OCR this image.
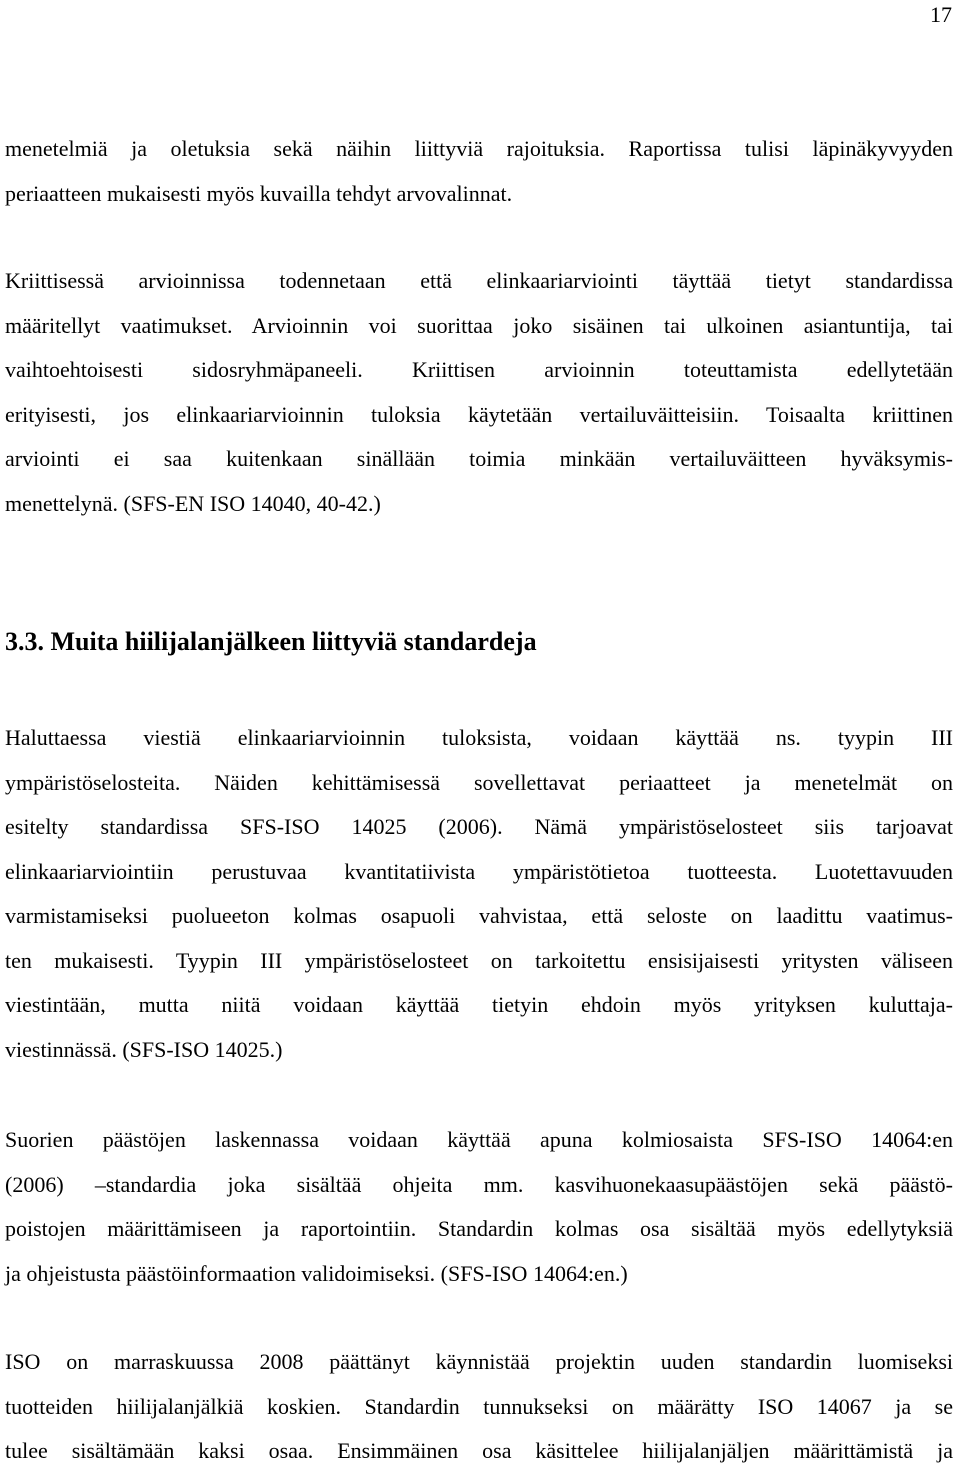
17
menetelmiä ja oletuksia sekä näihin liittyviä rajoituksia. Raportissa tulisi läpinäkyvyyden
periaatteen mukaisesti myös kuvailla tehdyt arvovalinnat.
Kriittisessä arvioinnissa todennetaan että elinkaariarviointi täyttää tietyt standardissa
määritellyt vaatimukset. Arvioinnin voi suorittaa joko sisäinen tai ulkoinen asiantuntija, tai
vaihtoehtoisesti sidosryhmäpaneeli. Kriittisen arvioinnin toteuttamista edellytetään
erityisesti, jos elinkaariarvioinnin tuloksia käytetään vertailuväitteisiin. Toisaalta kriittinen
arviointi ei saa kuitenkaan sinällään toimia minkään vertailuväitteen hyväksymis-
menettelynä. (SFS-EN ISO 14040, 40-42.)
3.3. Muita hiilijalanjälkeen liittyviä standardeja
Haluttaessa viestiä elinkaariarvioinnin tuloksista, voidaan käyttää ns. tyypin III
ympäristöselosteita. Näiden kehittämisessä sovellettavat periaatteet ja menetelmät on
esitelty standardissa SFS-ISO 14025 (2006). Nämä ympäristöselosteet siis tarjoavat
elinkaariarviointiin perustuvaa kvantitatiivista ympäristötietoa tuotteesta. Luotettavuuden
varmistamiseksi puolueeton kolmas osapuoli vahvistaa, että seloste on laadittu vaatimus-
ten mukaisesti. Tyypin III ympäristöselosteet on tarkoitettu ensisijaisesti yritysten väliseen
viestintään, mutta niitä voidaan käyttää tietyin ehdoin myös yrityksen kuluttaja-
viestinnässä. (SFS-ISO 14025.)
Suorien päästöjen laskennassa voidaan käyttää apuna kolmiosaista SFS-ISO 14064:en
(2006) –standardia joka sisältää ohjeita mm. kasvihuonekaasupäästöjen sekä päästö-
poistojen määrittämiseen ja raportointiin. Standardin kolmas osa sisältää myös edellytyksiä
ja ohjeistusta päästöinformaation validoimiseksi. (SFS-ISO 14064:en.)
ISO on marraskuussa 2008 päättänyt käynnistää projektin uuden standardin luomiseksi
tuotteiden hiilijalanjälkiä koskien. Standardin tunnukseksi on määrätty ISO 14067 ja se
tulee sisältämään kaksi osaa. Ensimmäinen osa käsittelee hiilijalanjäljen määrittämistä ja
